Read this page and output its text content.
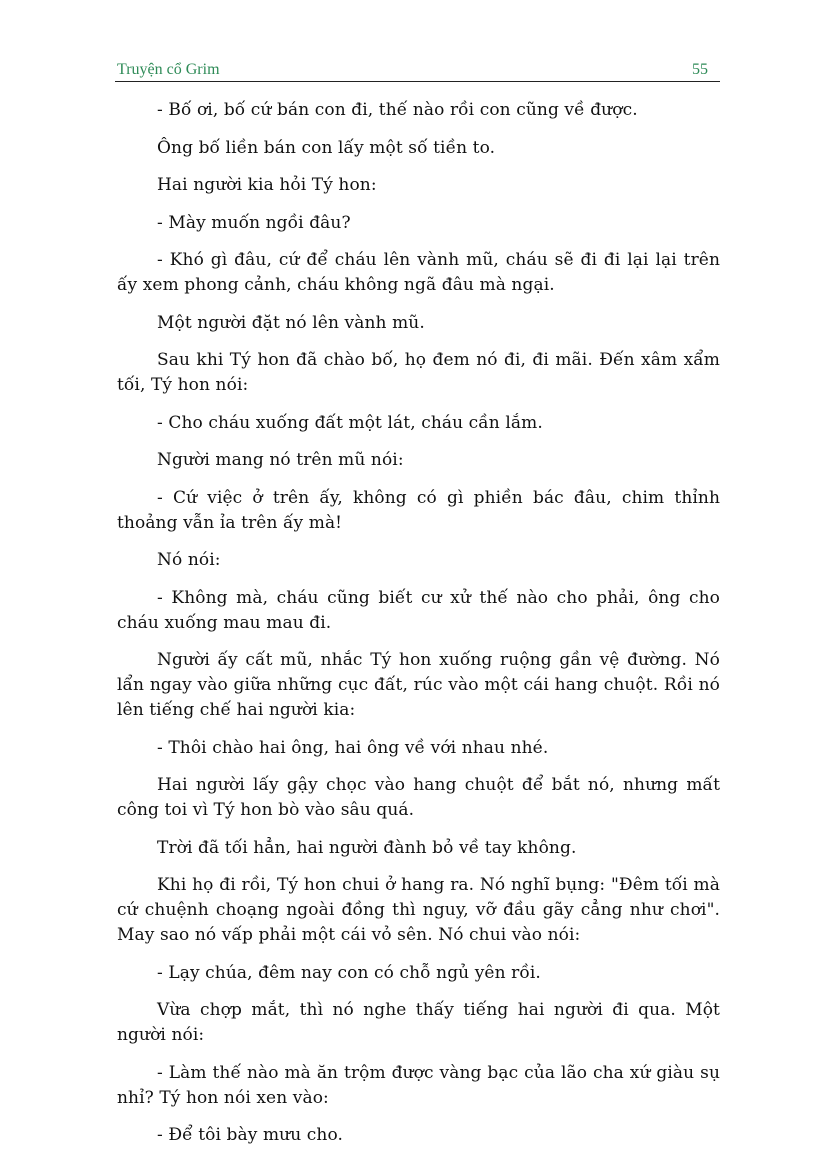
Truyện cổ Grim	55

- Bố ơi, bố cứ bán con đi, thế nào rồi con cũng về được.

Ông bố liền bán con lấy một số tiền to.

Hai người kia hỏi Tý hon:

- Mày muốn ngồi đâu?

- Khó gì đâu, cứ để cháu lên vành mũ, cháu sẽ đi đi lại lại trên ấy xem phong cảnh, cháu không ngã đâu mà ngại.

Một người đặt nó lên vành mũ.

Sau khi Tý hon đã chào bố, họ đem nó đi, đi mãi. Đến xâm xẩm tối, Tý hon nói:

- Cho cháu xuống đất một lát, cháu cần lắm.

Người mang nó trên mũ nói:

- Cứ việc ở trên ấy, không có gì phiền bác đâu, chim thỉnh thoảng vẫn ỉa trên ấy mà!

Nó nói:

- Không mà, cháu cũng biết cư xử thế nào cho phải, ông cho cháu xuống mau mau đi.

Người ấy cất mũ, nhắc Tý hon xuống ruộng gần vệ đường. Nó lẩn ngay vào giữa những cục đất, rúc vào một cái hang chuột. Rồi nó lên tiếng chế hai người kia:

- Thôi chào hai ông, hai ông về với nhau nhé.

Hai người lấy gậy chọc vào hang chuột để bắt nó, nhưng mất công toi vì Tý hon bò vào sâu quá.

Trời đã tối hẳn, hai người đành bỏ về tay không.

Khi họ đi rồi, Tý hon chui ở hang ra. Nó nghĩ bụng: "Đêm tối mà cứ chuệnh choạng ngoài đồng thì nguy, vỡ đầu gãy cẳng như chơi". May sao nó vấp phải một cái vỏ sên. Nó chui vào nói:

- Lạy chúa, đêm nay con có chỗ ngủ yên rồi.

Vừa chợp mắt, thì nó nghe thấy tiếng hai người đi qua. Một người nói:

- Làm thế nào mà ăn trộm được vàng bạc của lão cha xứ giàu sụ nhỉ? Tý hon nói xen vào:

- Để tôi bày mưu cho.
